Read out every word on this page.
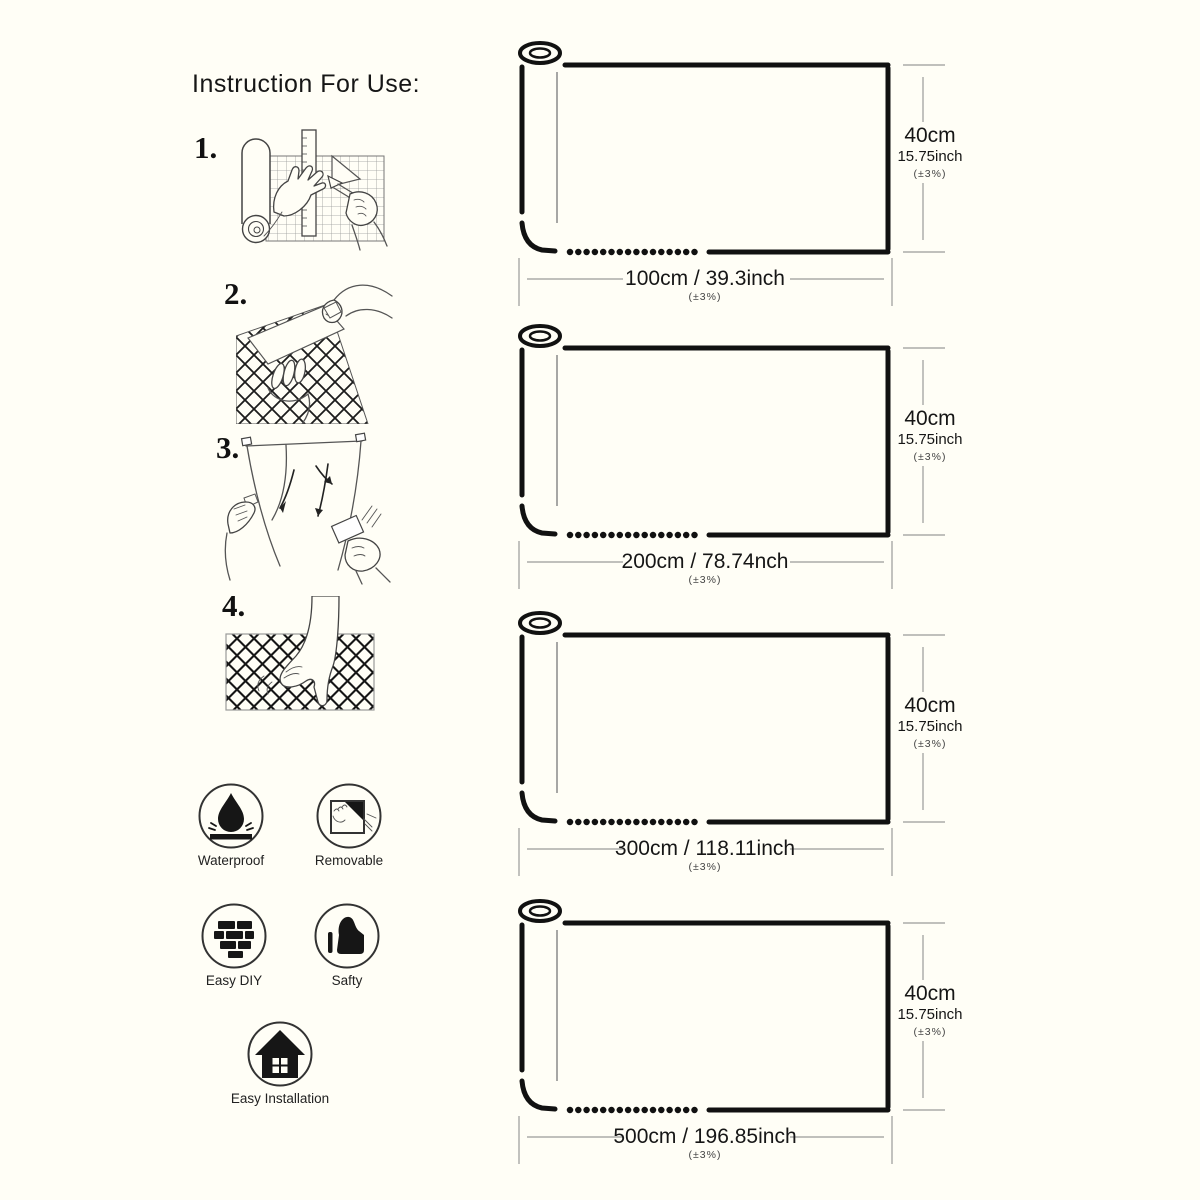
Instruction For Use:
1.
2.
3.
4.
Waterproof	Removable
Easy DIY	Safty
Easy Installation
40cm
15.75inch
(±3%)
100cm / 39.3inch
(±3%)
40cm
15.75inch
(±3%)
200cm / 78.74nch
(±3%)
40cm
15.75inch
(±3%)
300cm / 118.11inch
(±3%)
40cm
15.75inch
(±3%)
500cm / 196.85inch
(±3%)
